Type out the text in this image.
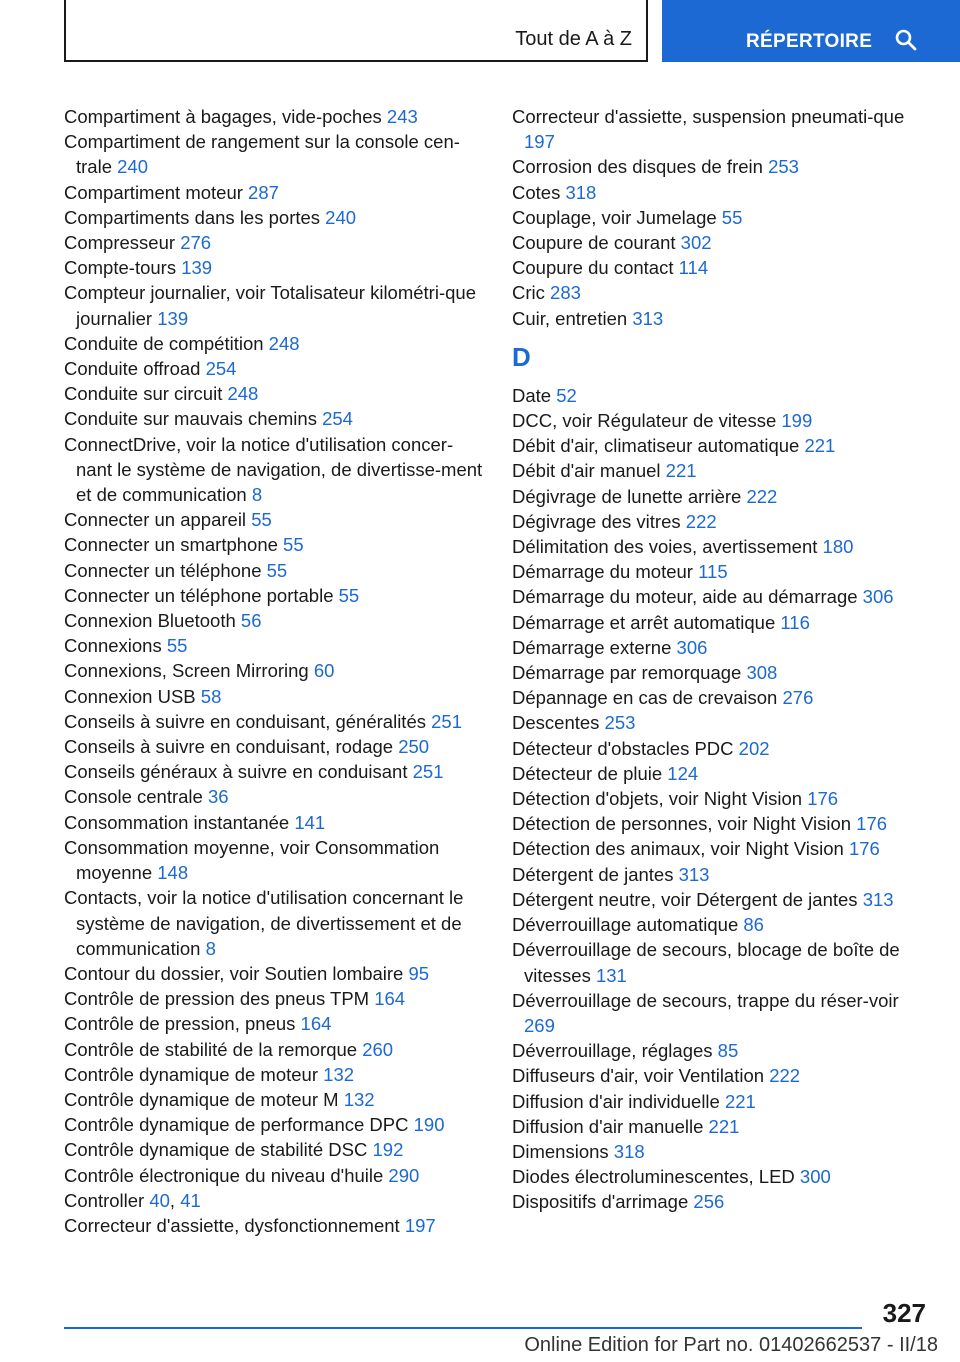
Tout de A à Z	RÉPERTOIRE
Compartiment à bagages, vide-poches 243
Compartiment de rangement sur la console cen-trale 240
Compartiment moteur 287
Compartiments dans les portes 240
Compresseur 276
Compte-tours 139
Compteur journalier, voir Totalisateur kilométri-que journalier 139
Conduite de compétition 248
Conduite offroad 254
Conduite sur circuit 248
Conduite sur mauvais chemins 254
ConnectDrive, voir la notice d'utilisation concer-nant le système de navigation, de divertisse-ment et de communication 8
Connecter un appareil 55
Connecter un smartphone 55
Connecter un téléphone 55
Connecter un téléphone portable 55
Connexion Bluetooth 56
Connexions 55
Connexions, Screen Mirroring 60
Connexion USB 58
Conseils à suivre en conduisant, généralités 251
Conseils à suivre en conduisant, rodage 250
Conseils généraux à suivre en conduisant 251
Console centrale 36
Consommation instantanée 141
Consommation moyenne, voir Consommation moyenne 148
Contacts, voir la notice d'utilisation concernant le système de navigation, de divertissement et de communication 8
Contour du dossier, voir Soutien lombaire 95
Contrôle de pression des pneus TPM 164
Contrôle de pression, pneus 164
Contrôle de stabilité de la remorque 260
Contrôle dynamique de moteur 132
Contrôle dynamique de moteur M 132
Contrôle dynamique de performance DPC 190
Contrôle dynamique de stabilité DSC 192
Contrôle électronique du niveau d'huile 290
Controller 40, 41
Correcteur d'assiette, dysfonctionnement 197
Correcteur d'assiette, suspension pneumati-que 197
Corrosion des disques de frein 253
Cotes 318
Couplage, voir Jumelage 55
Coupure de courant 302
Coupure du contact 114
Cric 283
Cuir, entretien 313
D
Date 52
DCC, voir Régulateur de vitesse 199
Débit d'air, climatiseur automatique 221
Débit d'air manuel 221
Dégivrage de lunette arrière 222
Dégivrage des vitres 222
Délimitation des voies, avertissement 180
Démarrage du moteur 115
Démarrage du moteur, aide au démarrage 306
Démarrage et arrêt automatique 116
Démarrage externe 306
Démarrage par remorquage 308
Dépannage en cas de crevaison 276
Descentes 253
Détecteur d'obstacles PDC 202
Détecteur de pluie 124
Détection d'objets, voir Night Vision 176
Détection de personnes, voir Night Vision 176
Détection des animaux, voir Night Vision 176
Détergent de jantes 313
Détergent neutre, voir Détergent de jantes 313
Déverrouillage automatique 86
Déverrouillage de secours, blocage de boîte de vitesses 131
Déverrouillage de secours, trappe du réser-voir 269
Déverrouillage, réglages 85
Diffuseurs d'air, voir Ventilation 222
Diffusion d'air individuelle 221
Diffusion d'air manuelle 221
Dimensions 318
Diodes électroluminescentes, LED 300
Dispositifs d'arrimage 256
327
Online Edition for Part no. 01402662537 - II/18
